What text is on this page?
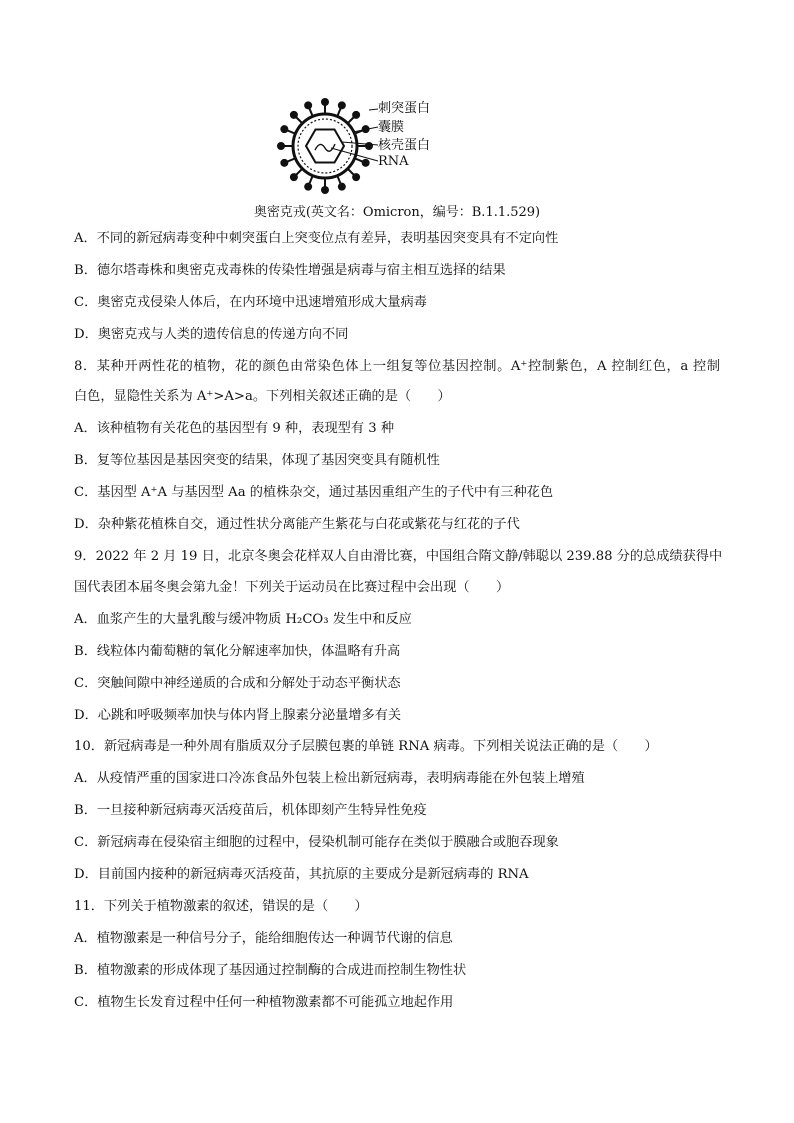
刺突蛋白
囊膜
核壳蛋白
RNA
奥密克戎(英文名：Omicron，编号：B.1.1.529)
A．不同的新冠病毒变种中刺突蛋白上突变位点有差异，表明基因突变具有不定向性
B．德尔塔毒株和奥密克戎毒株的传染性增强是病毒与宿主相互选择的结果
C．奥密克戎侵染人体后，在内环境中迅速增殖形成大量病毒
D．奥密克戎与人类的遗传信息的传递方向不同
8．某种开两性花的植物，花的颜色由常染色体上一组复等位基因控制。A⁺控制紫色，A 控制红色，a 控制
白色，显隐性关系为 A⁺>A>a。下列相关叙述正确的是（　　）
A．该种植物有关花色的基因型有 9 种，表现型有 3 种
B．复等位基因是基因突变的结果，体现了基因突变具有随机性
C．基因型 A⁺A 与基因型 Aa 的植株杂交，通过基因重组产生的子代中有三种花色
D．杂种紫花植株自交，通过性状分离能产生紫花与白花或紫花与红花的子代
9．2022 年 2 月 19 日，北京冬奥会花样双人自由滑比赛，中国组合隋文静/韩聪以 239.88 分的总成绩获得中
国代表团本届冬奥会第九金！下列关于运动员在比赛过程中会出现（　　）
A．血浆产生的大量乳酸与缓冲物质 H₂CO₃ 发生中和反应
B．线粒体内葡萄糖的氧化分解速率加快，体温略有升高
C．突触间隙中神经递质的合成和分解处于动态平衡状态
D．心跳和呼吸频率加快与体内肾上腺素分泌量增多有关
10．新冠病毒是一种外周有脂质双分子层膜包裹的单链 RNA 病毒。下列相关说法正确的是（　　）
A．从疫情严重的国家进口冷冻食品外包装上检出新冠病毒，表明病毒能在外包装上增殖
B．一旦接种新冠病毒灭活疫苗后，机体即刻产生特异性免疫
C．新冠病毒在侵染宿主细胞的过程中，侵染机制可能存在类似于膜融合或胞吞现象
D．目前国内接种的新冠病毒灭活疫苗，其抗原的主要成分是新冠病毒的 RNA
11．下列关于植物激素的叙述，错误的是（　　）
A．植物激素是一种信号分子，能给细胞传达一种调节代谢的信息
B．植物激素的形成体现了基因通过控制酶的合成进而控制生物性状
C．植物生长发育过程中任何一种植物激素都不可能孤立地起作用
